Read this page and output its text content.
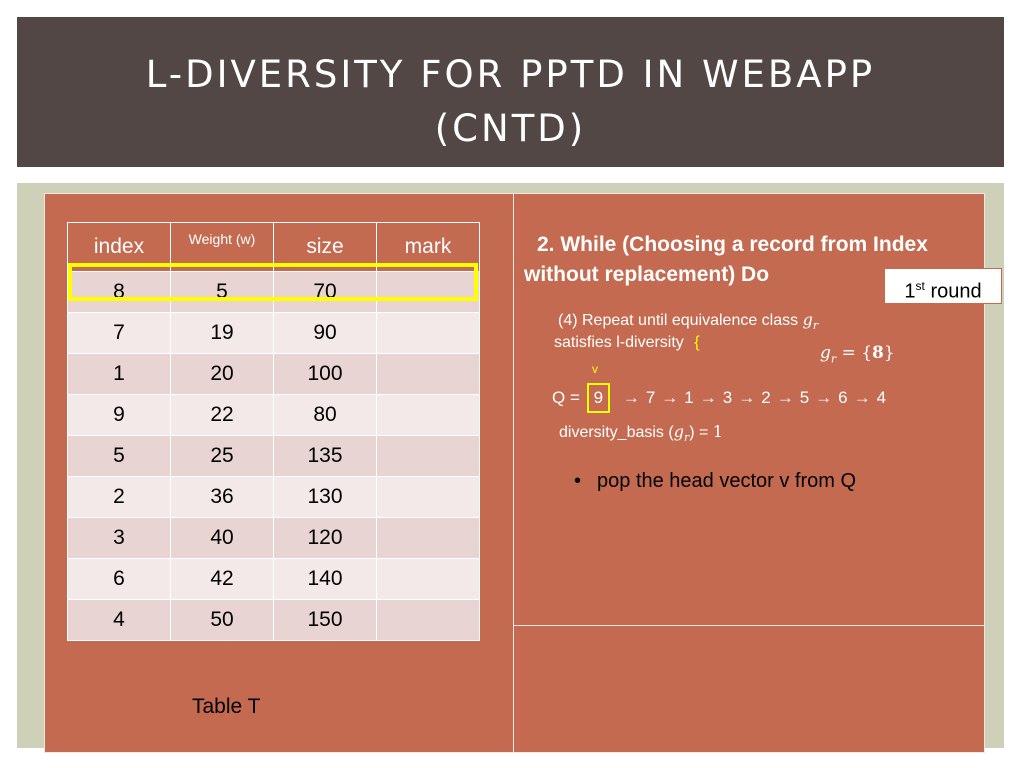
L-DIVERSITY FOR PPTD IN WEBAPP
(CNTD)
index	Weight (w)	size	mark
8	5	70	
7	19	90	
1	20	100	
9	22	80	
5	25	135	
2	36	130	
3	40	120	
6	42	140	
4	50	150	
Table T
2. While (Choosing a record from Index
without replacement) Do
1st round
(4) Repeat until equivalence class $g_r$
satisfies l-diversity {
$g_r = \{8\}$
v
Q = 9 → 7 → 1 → 3 → 2 → 5 → 6 → 4
diversity_basis $(g_r) = 1$
• pop the head vector v from Q
